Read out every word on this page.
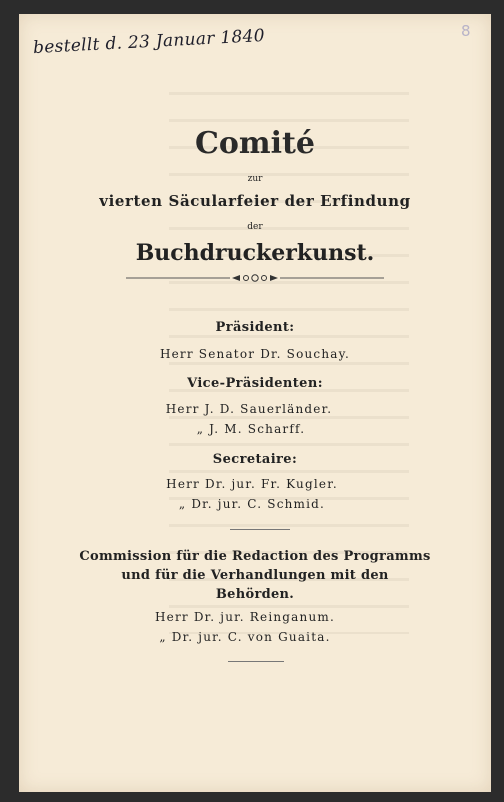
bestellt d. 23 Januar 1840	8
Comité
zur
vierten Säcularfeier der Erfindung
der
Buchdruckerkunst.
Präsident:
Herr Senator Dr. Souchay.
Vice-Präsidenten:
Herr J. D. Sauerländer.
„ J. M. Scharff.
Secretaire:
Herr Dr. jur. Fr. Kugler.
„ Dr. jur. C. Schmid.
Commission für die Redaction des Programms
und für die Verhandlungen mit den
Behörden.
Herr Dr. jur. Reinganum.
„ Dr. jur. C. von Guaita.
